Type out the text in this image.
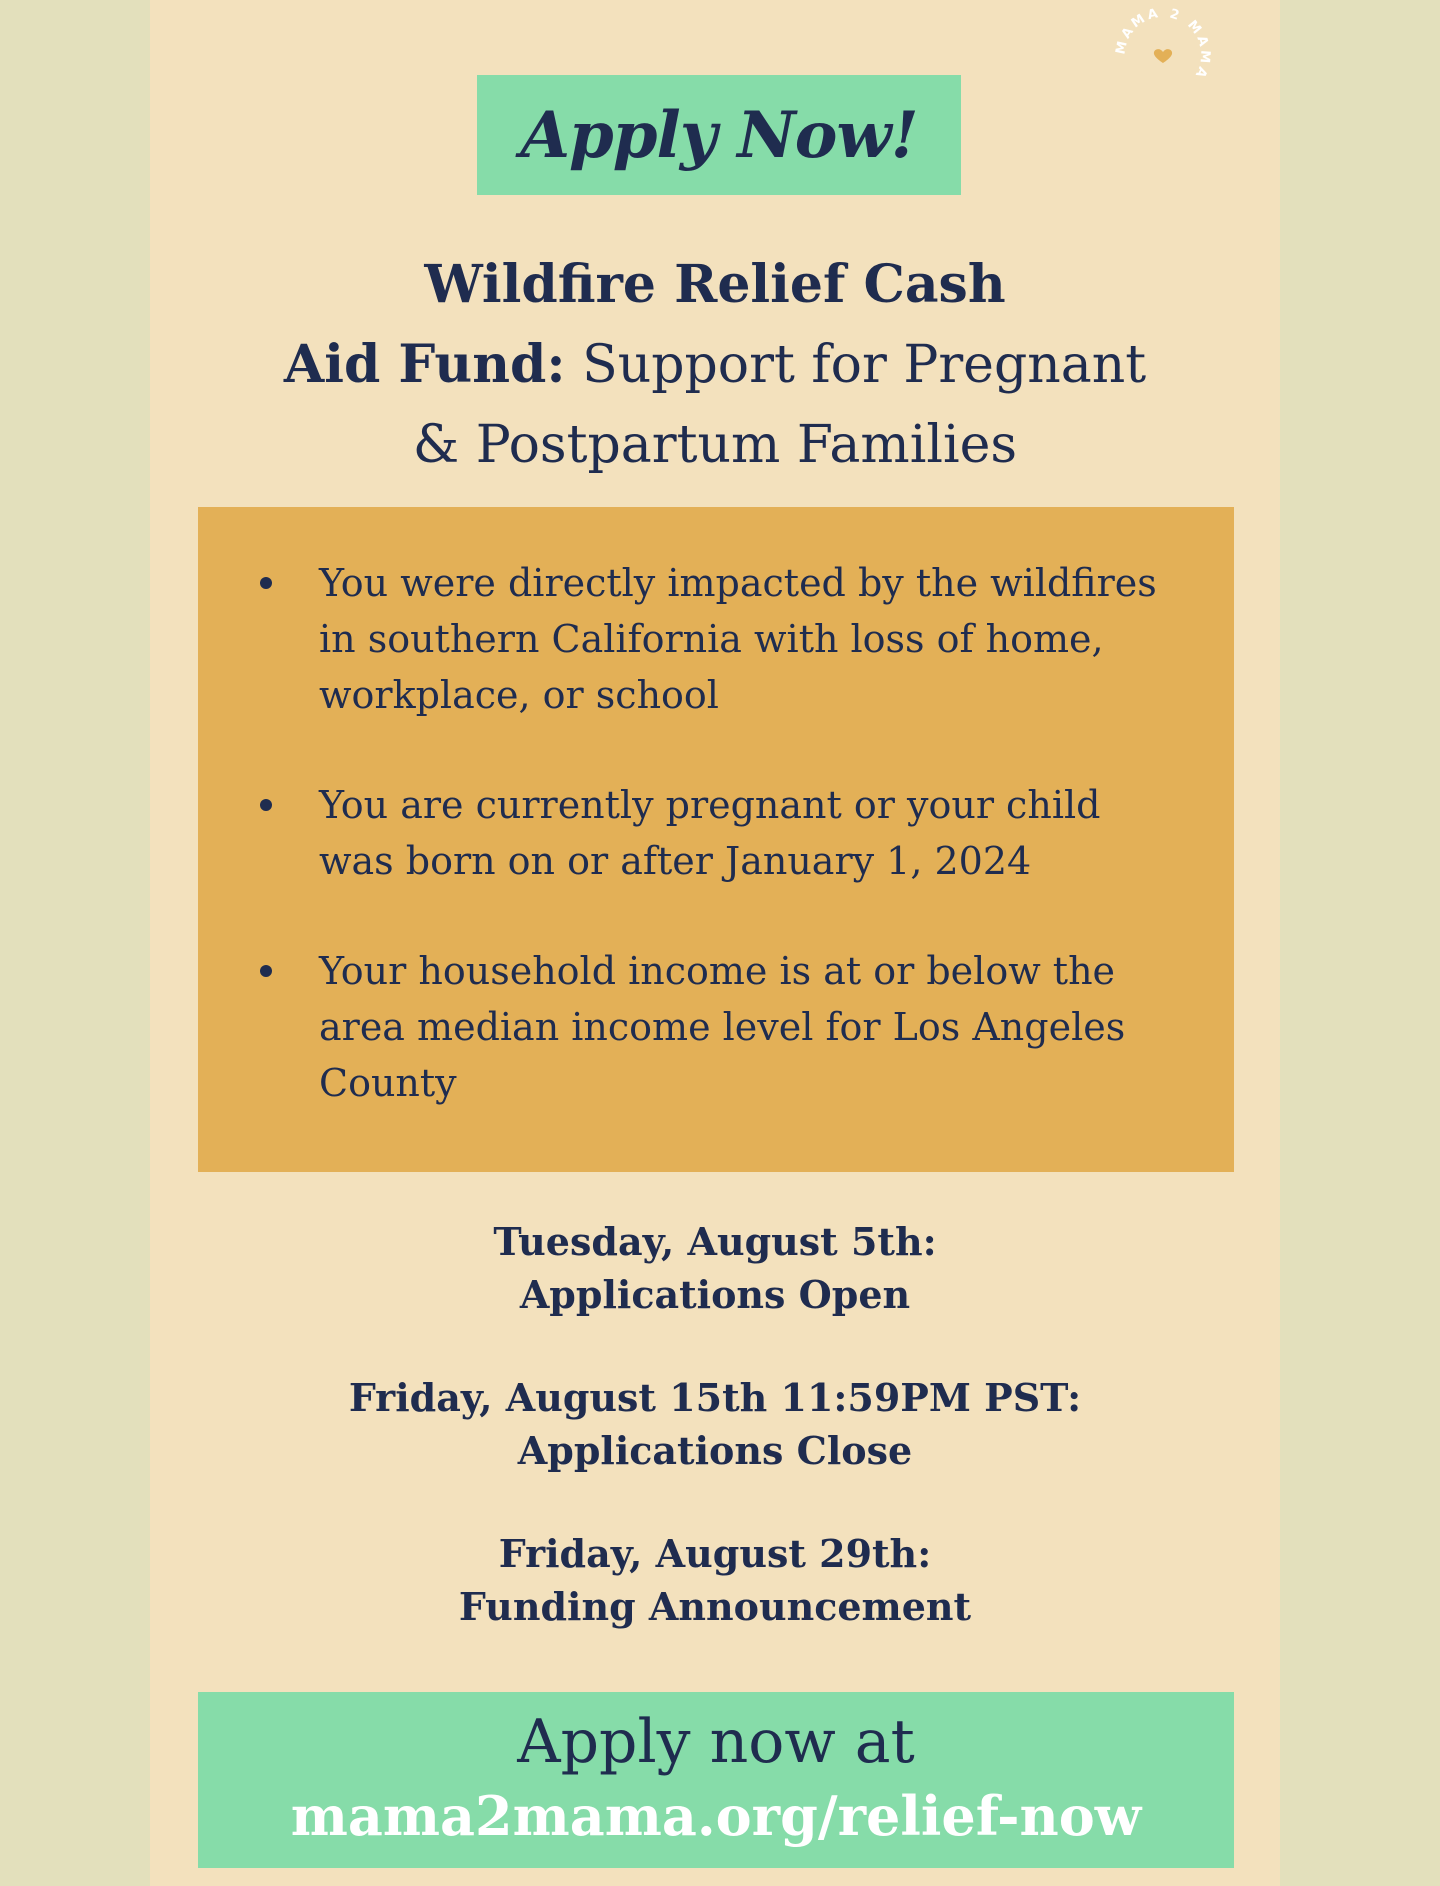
MAMA 2 MAMA
Apply Now!
Wildfire Relief Cash
Aid Fund: Support for Pregnant
& Postpartum Families
You were directly impacted by the wildfires in southern California with loss of home, workplace, or school
You are currently pregnant or your child was born on or after January 1, 2024
Your household income is at or below the area median income level for Los Angeles County
Tuesday, August 5th:
Applications Open
Friday, August 15th 11:59PM PST:
Applications Close
Friday, August 29th:
Funding Announcement
Apply now at
mama2mama.org/relief-now
